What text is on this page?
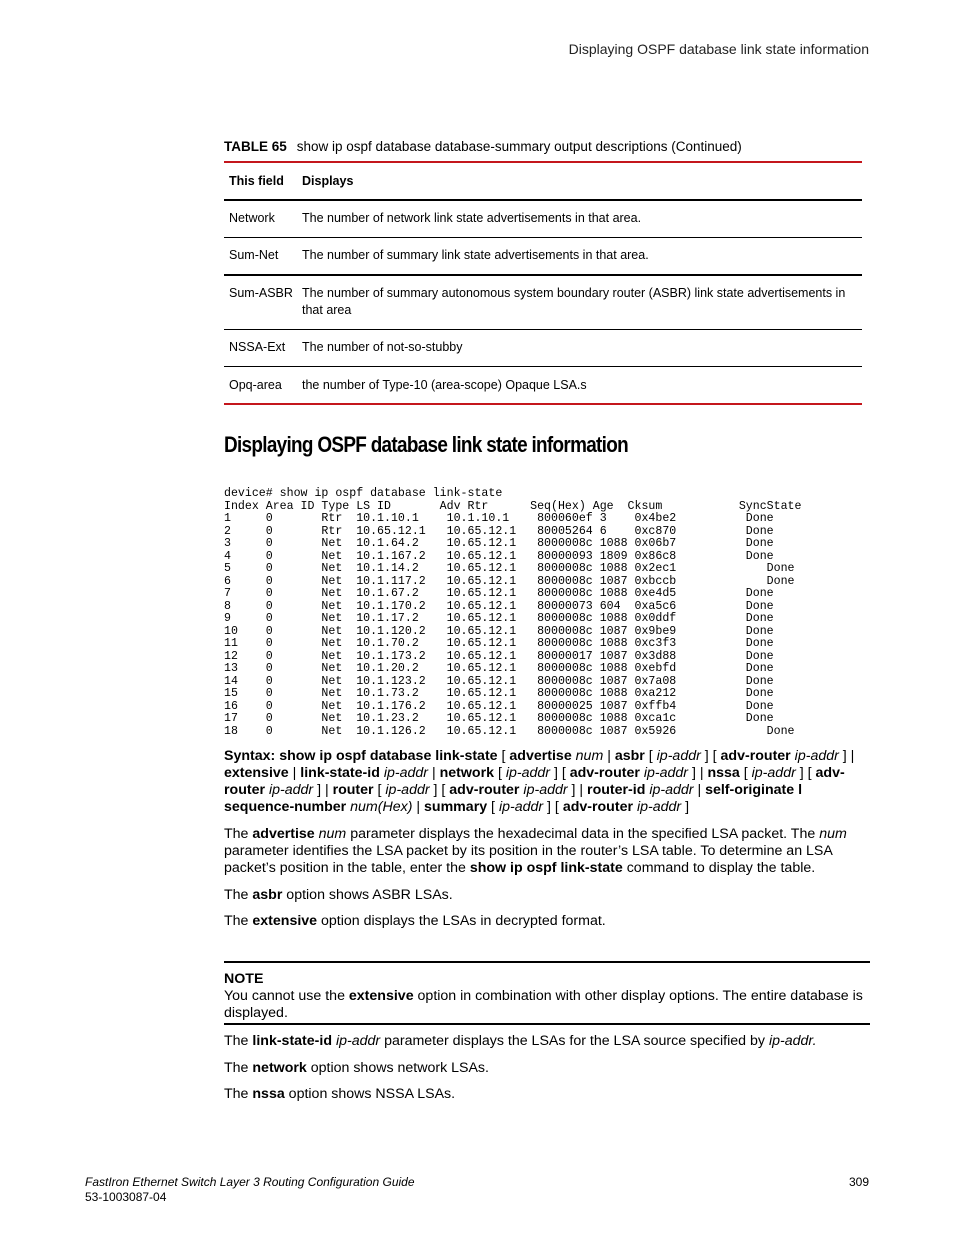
Displaying OSPF database link state information
TABLE 65 show ip ospf database database-summary output descriptions (Continued)
This field Displays
Network The number of network link state advertisements in that area.
Sum-Net The number of summary link state advertisements in that area.
Sum-ASBR The number of summary autonomous system boundary router (ASBR) link state advertisements in that area
NSSA-Ext The number of not-so-stubby
Opq-area the number of Type-10 (area-scope) Opaque LSA.s
Displaying OSPF database link state information
device# show ip ospf database link-state
Index Area ID Type LS ID       Adv Rtr      Seq(Hex) Age  Cksum           SyncState
1     0       Rtr  10.1.10.1    10.1.10.1    800060ef 3    0x4be2          Done
2     0       Rtr  10.65.12.1   10.65.12.1   80005264 6    0xc870          Done
3     0       Net  10.1.64.2    10.65.12.1   8000008c 1088 0x06b7          Done
4     0       Net  10.1.167.2   10.65.12.1   80000093 1809 0x86c8          Done
5     0       Net  10.1.14.2    10.65.12.1   8000008c 1088 0x2ec1             Done
6     0       Net  10.1.117.2   10.65.12.1   8000008c 1087 0xbccb             Done
7     0       Net  10.1.67.2    10.65.12.1   8000008c 1088 0xe4d5          Done
8     0       Net  10.1.170.2   10.65.12.1   80000073 604  0xa5c6          Done
9     0       Net  10.1.17.2    10.65.12.1   8000008c 1088 0x0ddf          Done
10    0       Net  10.1.120.2   10.65.12.1   8000008c 1087 0x9be9          Done
11    0       Net  10.1.70.2    10.65.12.1   8000008c 1088 0xc3f3          Done
12    0       Net  10.1.173.2   10.65.12.1   80000017 1087 0x3d88          Done
13    0       Net  10.1.20.2    10.65.12.1   8000008c 1088 0xebfd          Done
14    0       Net  10.1.123.2   10.65.12.1   8000008c 1087 0x7a08          Done
15    0       Net  10.1.73.2    10.65.12.1   8000008c 1088 0xa212          Done
16    0       Net  10.1.176.2   10.65.12.1   80000025 1087 0xffb4          Done
17    0       Net  10.1.23.2    10.65.12.1   8000008c 1088 0xca1c          Done
18    0       Net  10.1.126.2   10.65.12.1   8000008c 1087 0x5926             Done

Syntax: show ip ospf database link-state [ advertise num | asbr [ ip-addr ] [ adv-router ip-addr ] | extensive | link-state-id ip-addr | network [ ip-addr ] [ adv-router ip-addr ] | nssa [ ip-addr ] [ adv-router ip-addr ] | router [ ip-addr ] [ adv-router ip-addr ] | router-id ip-addr | self-originate l sequence-number num(Hex) | summary [ ip-addr ] [ adv-router ip-addr ]
The advertise num parameter displays the hexadecimal data in the specified LSA packet. The num parameter identifies the LSA packet by its position in the router’s LSA table. To determine an LSA packet’s position in the table, enter the show ip ospf link-state command to display the table.
The asbr option shows ASBR LSAs.
The extensive option displays the LSAs in decrypted format.
NOTE
You cannot use the extensive option in combination with other display options. The entire database is displayed.
The link-state-id ip-addr parameter displays the LSAs for the LSA source specified by ip-addr.
The network option shows network LSAs.
The nssa option shows NSSA LSAs.
FastIron Ethernet Switch Layer 3 Routing Configuration Guide
53-1003087-04
309
